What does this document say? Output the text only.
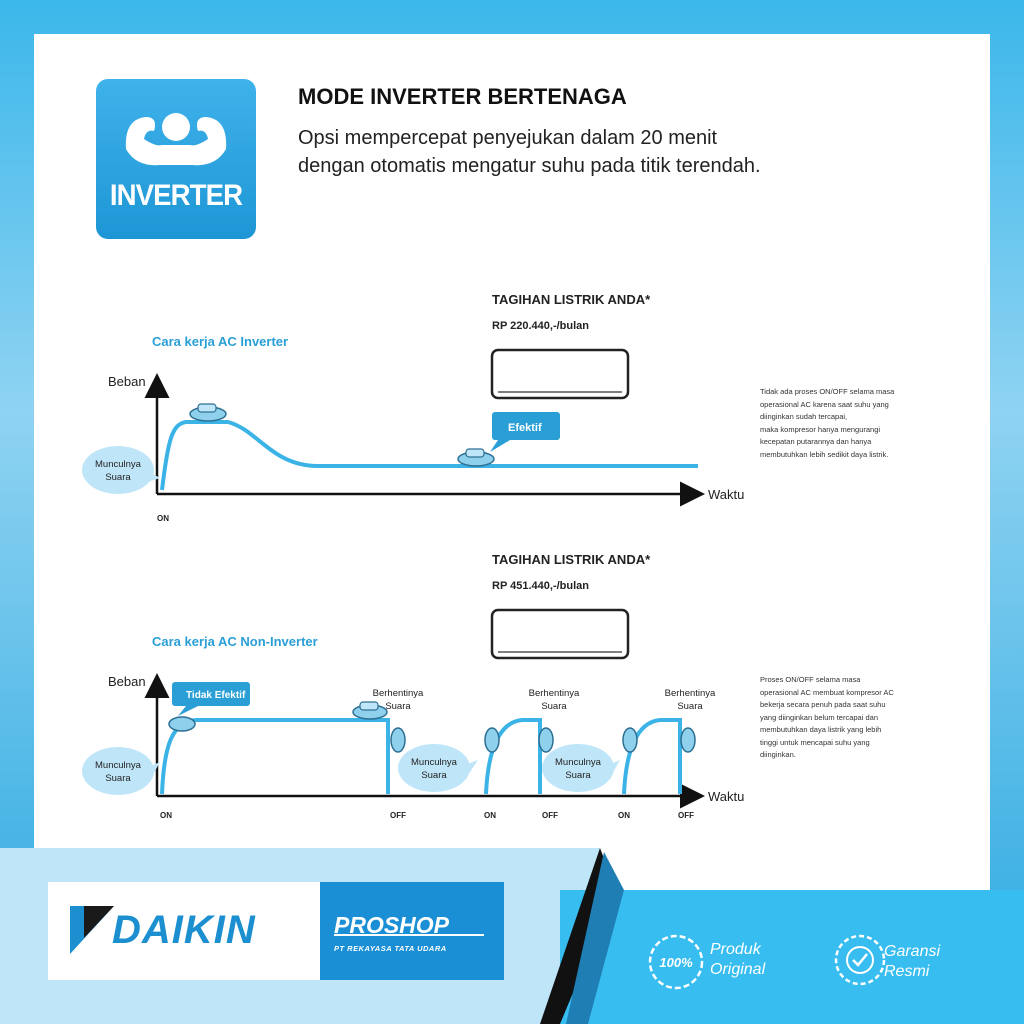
INVERTER
MODE INVERTER BERTENAGA
Opsi mempercepat penyejukan dalam 20 menit
dengan otomatis mengatur suhu pada titik terendah.
TAGIHAN LISTRIK ANDA*
RP 220.440,-/bulan
Cara kerja AC Inverter
Tidak ada proses ON/OFF selama masa
operasional AC karena saat suhu yang
diinginkan sudah tercapai,
maka kompresor hanya mengurangi
kecepatan putarannya dan hanya
membutuhkan lebih sedikit daya listrik.
TAGIHAN LISTRIK ANDA*
RP 451.440,-/bulan
Cara kerja AC Non-Inverter
Proses ON/OFF selama masa
operasional AC membuat kompresor AC
bekerja secara penuh pada saat suhu
yang diinginkan belum tercapai dan
membutuhkan daya listrik yang lebih
tinggi untuk mencapai suhu yang
diinginkan.
Beban
Waktu
ON
Efektif
Munculnya
Suara
Beban
Waktu
Tidak Efektif	Berhentinya
Suara
Berhentinya
Suara
Berhentinya
Suara
Munculnya
Suara
Munculnya
Suara
Munculnya
Suara
ON	OFF	ON	OFF	ON	OFF
DAIKIN	PROSHOP
PT REKAYASA TATA UDARA
100%
Produk
Original
Garansi
Resmi
